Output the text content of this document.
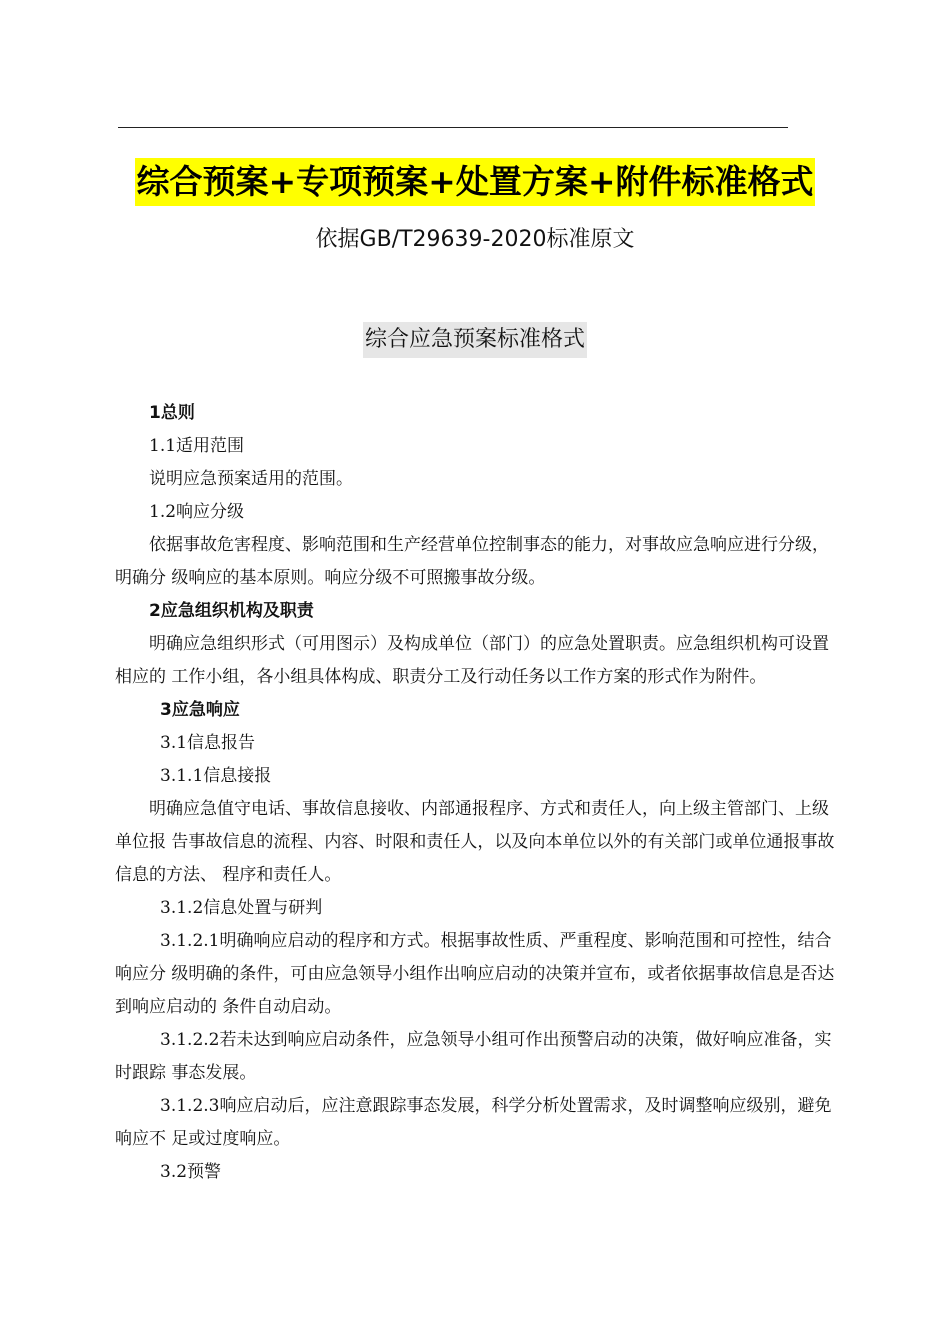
综合预案+专项预案+处置方案+附件标准格式
依据GB/T29639-2020标准原文
综合应急预案标准格式

1总则

1.1适用范围

说明应急预案适用的范围。

1.2响应分级

依据事故危害程度、影响范围和生产经营单位控制事态的能力，对事故应急响应进行分级，明确分 级响应的基本原则。响应分级不可照搬事故分级。

2应急组织机构及职责

明确应急组织形式（可用图示）及构成单位（部门）的应急处置职责。应急组织机构可设置相应的 工作小组，各小组具体构成、职责分工及行动任务以工作方案的形式作为附件。

3应急响应

3.1信息报告

3.1.1信息接报

明确应急值守电话、事故信息接收、内部通报程序、方式和责任人，向上级主管部门、上级单位报 告事故信息的流程、内容、时限和责任人，以及向本单位以外的有关部门或单位通报事故信息的方法、 程序和责任人。

3.1.2信息处置与研判

3.1.2.1明确响应启动的程序和方式。根据事故性质、严重程度、影响范围和可控性，结合响应分 级明确的条件，可由应急领导小组作出响应启动的决策并宣布，或者依据事故信息是否达到响应启动的 条件自动启动。

3.1.2.2若未达到响应启动条件，应急领导小组可作出预警启动的决策，做好响应准备，实时跟踪 事态发展。

3.1.2.3响应启动后，应注意跟踪事态发展，科学分析处置需求，及时调整响应级别，避免响应不 足或过度响应。

3.2预警
